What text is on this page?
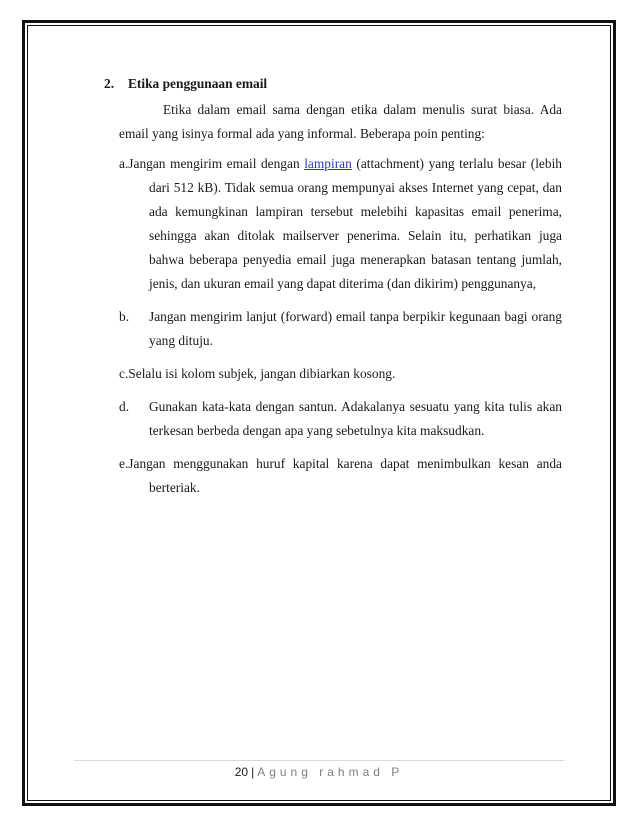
2. Etika penggunaan email

Etika dalam email sama dengan etika dalam menulis surat biasa. Ada email yang isinya formal ada yang informal. Beberapa poin penting:

a.Jangan mengirim email dengan lampiran (attachment) yang terlalu besar (lebih dari 512 kB). Tidak semua orang mempunyai akses Internet yang cepat, dan ada kemungkinan lampiran tersebut melebihi kapasitas email penerima, sehingga akan ditolak mailserver penerima. Selain itu, perhatikan juga bahwa beberapa penyedia email juga menerapkan batasan tentang jumlah, jenis, dan ukuran email yang dapat diterima (dan dikirim) penggunanya,
b.	Jangan mengirim lanjut (forward) email tanpa berpikir kegunaan bagi orang yang dituju.
c.Selalu isi kolom subjek, jangan dibiarkan kosong.
d.	Gunakan kata-kata dengan santun. Adakalanya sesuatu yang kita tulis akan terkesan berbeda dengan apa yang sebetulnya kita maksudkan.
e.Jangan menggunakan huruf kapital karena dapat menimbulkan kesan anda berteriak.
20 | Agung rahmad P
